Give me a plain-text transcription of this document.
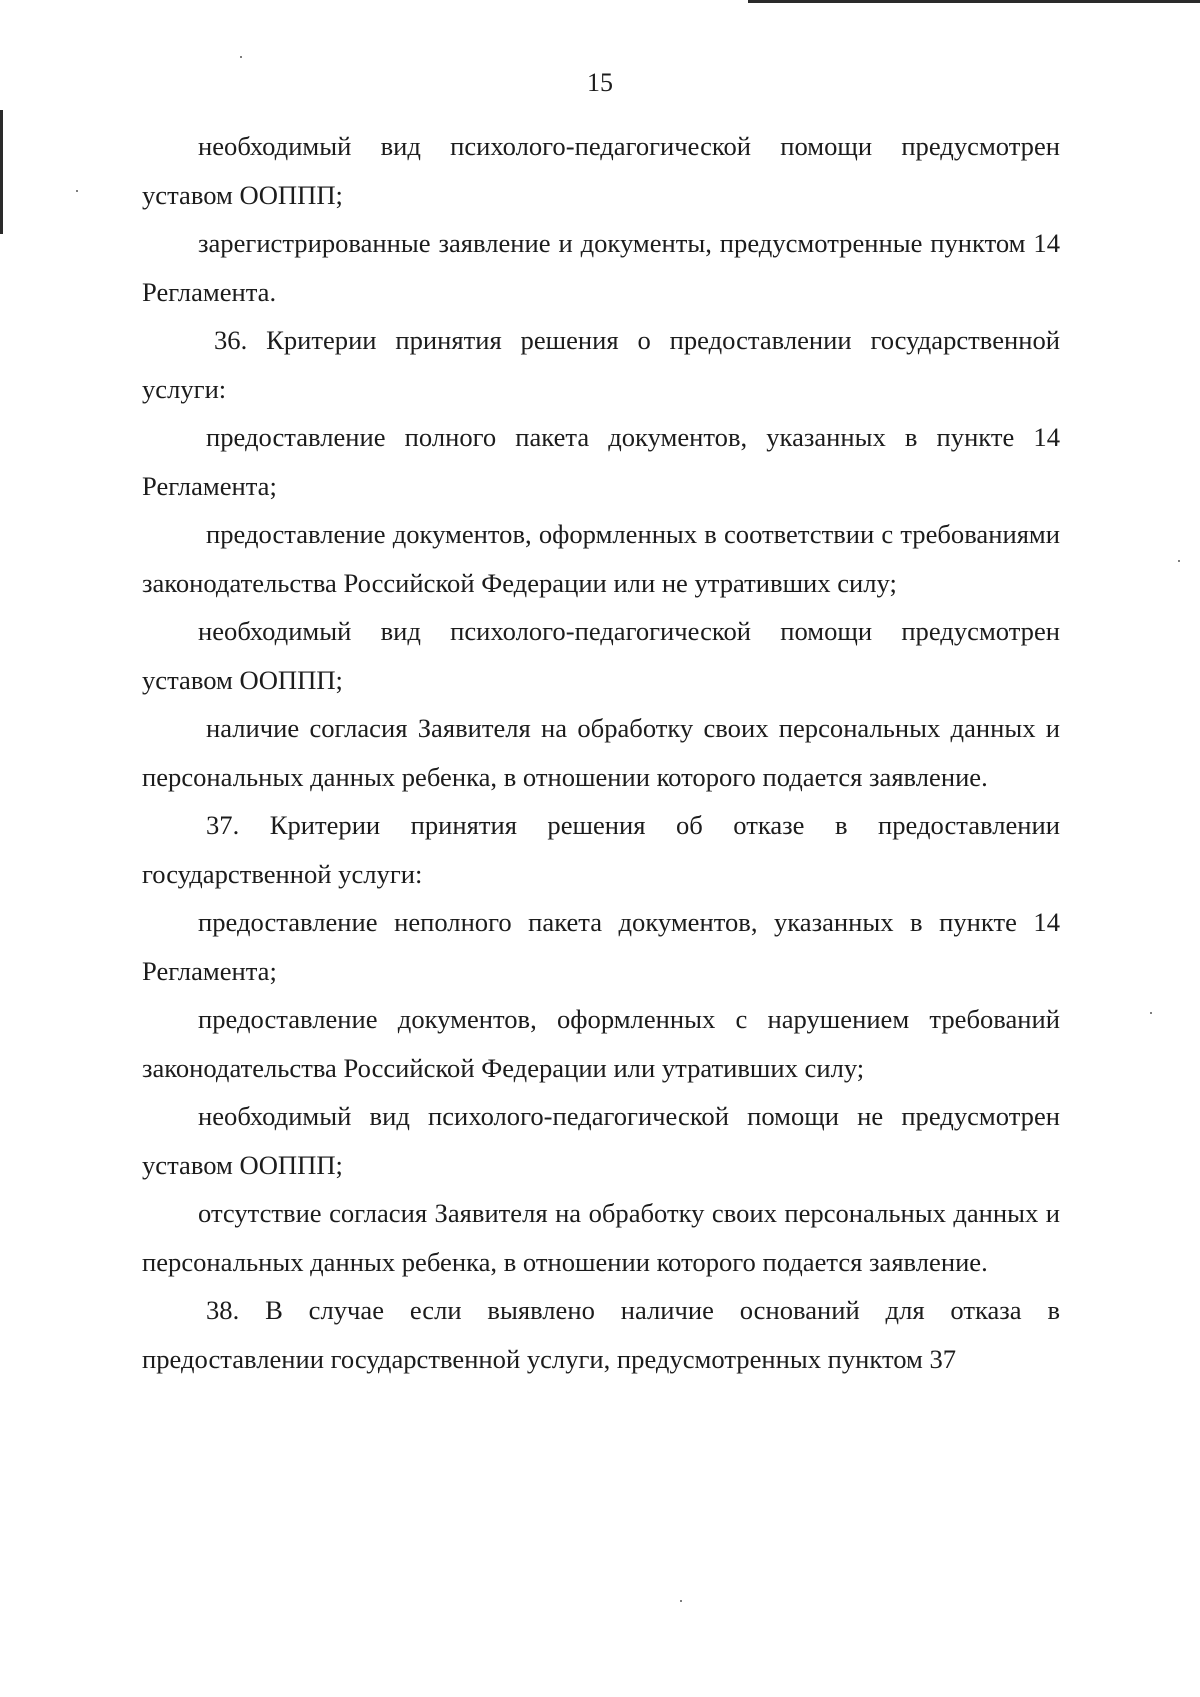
15

необходимый вид психолого-педагогической помощи предусмотрен уставом ООППП;

зарегистрированные заявление и документы, предусмотренные пунктом 14 Регламента.

36. Критерии принятия решения о предоставлении государственной услуги:

предоставление полного пакета документов, указанных в пункте 14 Регламента;

предоставление документов, оформленных в соответствии с требованиями законодательства Российской Федерации или не утративших силу;

необходимый вид психолого-педагогической помощи предусмотрен уставом ООППП;

наличие согласия Заявителя на обработку своих персональных данных и персональных данных ребенка, в отношении которого подается заявление.

37. Критерии принятия решения об отказе в предоставлении государственной услуги:

предоставление неполного пакета документов, указанных в пункте 14 Регламента;

предоставление документов, оформленных с нарушением требований законодательства Российской Федерации или утративших силу;

необходимый вид психолого-педагогической помощи не предусмотрен уставом ООППП;

отсутствие согласия Заявителя на обработку своих персональных данных и персональных данных ребенка, в отношении которого подается заявление.

38. В случае если выявлено наличие оснований для отказа в предоставлении государственной услуги, предусмотренных пунктом 37
